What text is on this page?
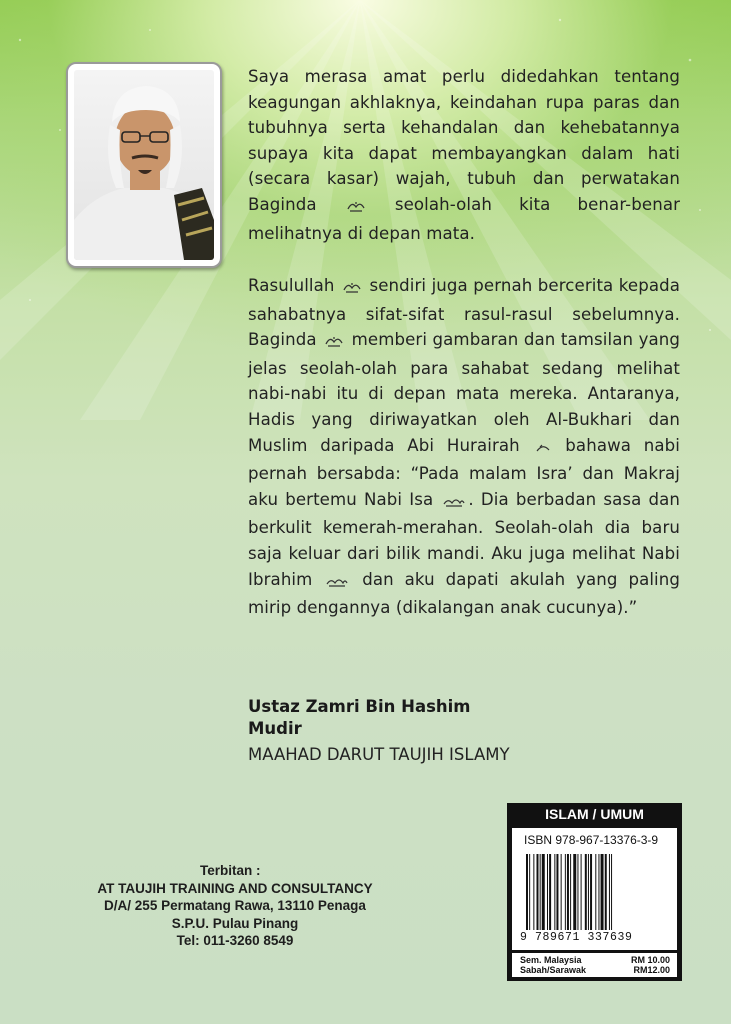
Saya merasa amat perlu didedahkan tentang keagungan akhlaknya, keindahan rupa paras dan tubuhnya serta kehandalan dan kehebatannya supaya kita dapat membayangkan dalam hati (secara kasar) wajah, tubuh dan perwatakan Baginda	seolah-olah kita benar-benar melihatnya di depan mata.

Rasulullah sendiri juga pernah bercerita kepada sahabatnya sifat-sifat rasul-rasul sebelumnya. Baginda memberi gambaran dan tamsilan yang jelas seolah-olah para sahabat sedang melihat nabi-nabi itu di depan mata mereka. Antaranya, Hadis yang diriwayatkan oleh Al-Bukhari dan Muslim daripada Abi Hurairah	bahawa nabi pernah bersabda: “Pada malam Isra’ dan Makraj aku bertemu Nabi Isa . Dia berbadan sasa dan berkulit kemerah-merahan. Seolah-olah dia baru saja keluar dari bilik mandi. Aku juga melihat Nabi Ibrahim	dan aku dapati akulah yang paling mirip dengannya (dikalangan anak cucunya).”

Ustaz Zamri Bin Hashim

Mudir

MAAHAD DARUT TAUJIH ISLAMY

Terbitan :
AT TAUJIH TRAINING AND CONSULTANCY
D/A/ 255 Permatang Rawa, 13110 Penaga
S.P.U. Pulau Pinang
Tel: 011-3260 8549
ISLAM / UMUM
ISBN 978-967-13376-3-9
9 789671 337639
Sem. Malaysia	RM 10.00
Sabah/Sarawak	RM12.00
